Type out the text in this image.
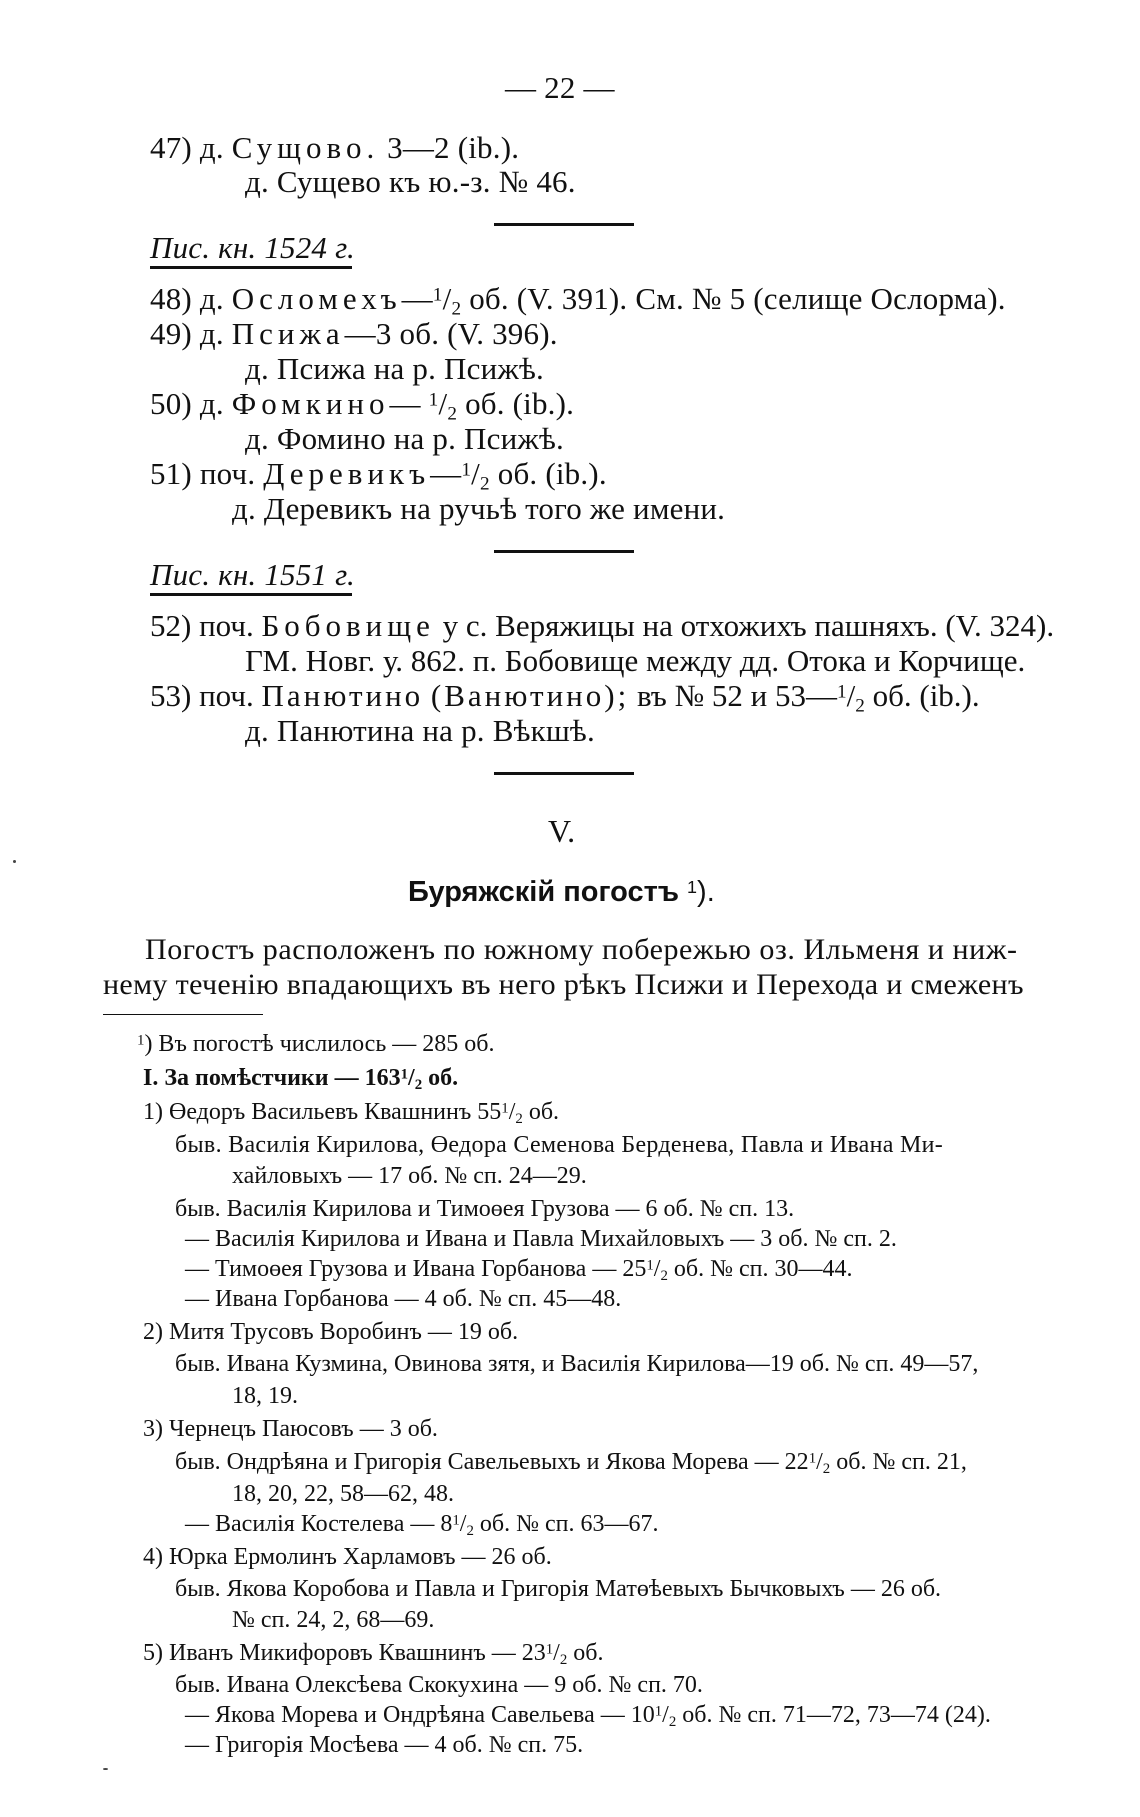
— 22 —
47) д. Сущово. 3—2 (ib.).
д. Сущево къ ю.-з. № 46.
Пис. кн. 1524 г.
48) д. $Осломехъ—^1/_2$ об. (V. 391). См. № 5 (селище Ослорма).
49) д. Псижа—3 об. (V. 396).
д. Псижа на р. Псижѣ.
50) д. Фомкино— $^1/_2$ об. (ib.).
д. Фомино на р. Псижѣ.
51) поч. $Деревикъ—^1/_2$ об. (ib.).
д. Деревикъ на ручьѣ того же имени.
Пис. кн. 1551 г.
52) поч. Бобовище у с. Веряжицы на отхожихъ пашняхъ. (V. 324).
ГМ. Новг. у. 862. п. Бобовище между дд. Отока и Корчище.
53) поч. Панютино (Ванютино); въ № 52 и $53—^1/_2$ об. (ib.).
д. Панютина на р. Вѣкшѣ.
V.
Буряжскій погостъ $^1$).
Погостъ расположенъ по южному побережью оз. Ильменя и ниж-
нему теченію впадающихъ въ него рѣкъ Псижи и Перехода и смеженъ
$^1$) Въ погостѣ числилось — 285 об.
I. За помѣстчики — $163^1/_2$ об.
1) Өедоръ Васильевъ Квашнинъ $55^1/_2$ об.
быв. Василія Кирилова, Өедора Семенова Берденева, Павла и Ивана Ми-
хайловыхъ — 17 об. № сп. 24—29.
быв. Василія Кирилова и Тимоөея Грузова — 6 об. № сп. 13.
— Василія Кирилова и Ивана и Павла Михайловыхъ — 3 об. № сп. 2.
— Тимоөея Грузова и Ивана Горбанова — $25^1/_2$ об. № сп. 30—44.
— Ивана Горбанова — 4 об. № сп. 45—48.
2) Митя Трусовъ Воробинъ — 19 об.
быв. Ивана Кузмина, Овинова зятя, и Василія Кирилова—19 об. № сп. 49—57,
18, 19.
3) Чернецъ Паюсовъ — 3 об.
быв. Ондрѣяна и Григорія Савельевыхъ и Якова Морева — $22^1/_2$ об. № сп. 21,
18, 20, 22, 58—62, 48.
— Василія Костелева — $8^1/_2$ об. № сп. 63—67.
4) Юрка Ермолинъ Харламовъ — 26 об.
быв. Якова Коробова и Павла и Григорія Матөѣевыхъ Бычковыхъ — 26 об.
№ сп. 24, 2, 68—69.
5) Иванъ Микифоровъ Квашнинъ — $23^1/_2$ об.
быв. Ивана Олексѣева Скокухина — 9 об. № сп. 70.
— Якова Морева и Ондрѣяна Савельева — $10^1/_2$ об. № сп. 71—72, 73—74 (24).
— Григорія Мосѣева — 4 об. № сп. 75.
